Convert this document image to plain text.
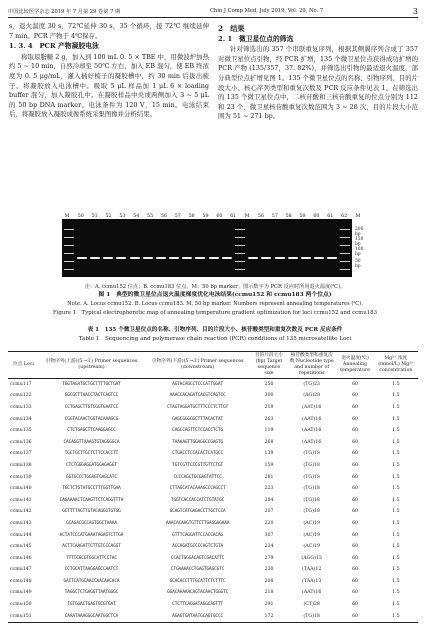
中国比较医学杂志 2019 年 7 月第 29 卷第 7 期	Chin J Comp Med, July 2019, Vol. 29, No. 7	3

s，退火温度 30 s，72℃延伸 30 s，35 个循环，接 72℃ 继续延伸 7 min。PCR 产物于 4℃保存。

1. 3. 4　PCR 产物凝胶电泳

称取琼脂糖 2 g，加入到 100 mL 0. 5 × TBE 中，用微波炉加热约 5 ~ 10 min，自然冷却至 50℃ 左右，加入 EB 混匀，使 EB 终浓度为 0. 5 μg/mL，灌入插好梳子的凝胶槽中，约 30 min 后拔出梳子。将凝胶放入电泳槽中。吸取 5 μL 样品加 1 μL 6 × loading buffer 混匀，加入凝胶孔中。在凝胶样品中央或两侧加入 3 ~ 5 μL 的 50 bp DNA marker。电泳条件为 120 V，15 min。电泳结束后，将凝胶放入凝胶成像系统采集图像并分析结果。

2　结果
2. 1　微卫星位点的筛选

针对筛选出的 357 个串联重复序列，根据其侧翼序列合成了 357 对微卫星位点引物，经 PCR 扩增，135 个微卫星位点获得成功扩增的 PCR 产物 (135/357，37. 82%)，并筛选出引物的最适退火温度，部分典型位点扩增见图 1。135 个微卫星位点的名称、引物序列、目的片段大小、核心序列类型和重复次数及 PCR 反应条件见表 1。在筛选出的 135 个微卫星位点中，二核苷酸和三核苷酸重复的位点分别为 112 和 23 个，微卫星核苷酸重复次数范围为 3 ~ 28 次，目的片段大小范围为 51 ~ 271 bp。

M	50	51	52	53	54	55	56	57	58	59	60	61	M	56	57	58	59	60	61	62	M
200 bp
150 bp
100 bp
50 bp
注：A. ccmu152 位点；B. ccmu183 位点。M：50 bp marker；图示数字为 PCR 反应时所用退火温度(℃)。
图 1　典型的微卫星位点退火温度梯度优化电泳结果(ccmu152 和 ccmu183 两个位点)
Note. A. Locus ccmu152. B. Locus ccmu183. M, 50 bp marker. Numbers represent annealing temperatures (℃).
Figure 1　Typical electrophoretic map of annealing temperature gradient optimization for loci ccmu152 and ccmu183
表 1　135 个微卫星位点的名称、引物序列、目的片段大小、核苷酸类型和重复次数及 PCR 反应条件
Table 1　Sequencing and polymerase chain reaction (PCR) conditions of 135 microsatellite Loci
位点 Loci	引物序列(上游)(5′→3′) Primer sequences (upstream)	引物序列(下游)(5′→3′) Primer sequences (downstream)	目的片段大小(bp) Target sequence size	核苷酸类型和重复次数 Nucleotide type and number of repetitions	退火温度(℃) Annealing temperature	Mg²⁺ 浓度 (mmol/L) Mg²⁺ concentration
ccmu117	TGGTAGATGCTGCTTTTGCTGAT	AGTACAGCCTCCCATTGGAT	250	(TG)23	60	1.5
ccmu122	GGCGCTTAACCTACTCAGTCC	AAACCACAGATCACGTCAGTCC	300	(AG)28	60	1.5
ccmu133	CCTGAGCTTGTCGGTGAATCC	CTAGTAGGATGCTTTCCCTCTTGT	219	(AAT)16	60	1.5
ccmu134	CGGTACAACTGGTACAAAGCG	GAGCGGGGGCTTTACACTAT	263	(AAT)16	60	1.5
ccmu135	CTCTGAGCTTCAAGGAGCC	CAGCCAGTTCTCCACCTCTG	119	(AAT)16	60	1.5
ccmu136	CACAGGTTAAAGTGTAGGGGCA	TAAAAGTTGGAGGCCGAGTG	268	(AAT)16	60	1.5
ccmu137	TGCTGCTTGCTCTTCCACCTT	CTGACCTCCACACTCATGCC	139	(TG)18	60	1.5
ccmu138	CTCTGGGAGGATGGAGAGGT	TGTCGTTCCCGTTGTTCTGT	159	(TG)18	60	1.5
ccmu139	GGTGCCCTGGAGTGAGCATC	CCCCAGCTGCGAGTATTCC	281	(TG)18	60	1.5
ccmu140	TGCTCTGTATGCCTTTGGTTGAA	CTTAGCATACAAAGCCCAGCCT	223	(TG)18	60	1.5
ccmu141	CAGAAAACTCAAGTTCTCAGGTTTA	TGGTCACCACCATCTGTATGC	284	(TG)18	60	1.5
ccmu142	GCTTTTAGTTGTACAGGGTGTGG	GCAGTCATGAGACCTTGCTCCA	207	(TG)18	60	1.5
ccmu143	GCAGACGCCAGTGGCTAAAA	AAACACAAGTGTTCTTGAGGAGAAA	220	(AC)19	60	1.5
ccmu144	ACTATCCCATGAAATAGAGTCTTGA	GTTTCAGGATTCCACCACAG	307	(AC)19	60	1.5
ccmu145	ACTTCAAGATTCTTGTCCCAGGT	ACCAGATGCCCCAGTCTGTA	224	(AC)19	60	1.5
ccmu146	TTTTCGCGTGGCATTCCTAC	CCACTGGGACAGTCGACATTC	279	(AGG)13	60	1.5
ccmu147	CCTGCATTAAGGAGCCAATCT	CTGAAAACCTGAGTGAGCGTC	230	(TAA)12	60	1.5
ccmu148	GACTCATGCAACCAACAACACA	GCACACCTTTGCATTCTCTTTC	208	(TAA)13	60	1.5
ccmu149	TAGGCTCTGAGGTTAATGGGC	GGACAAAAACAGTACAACTGGGTC	218	(AAT)16	60	1.5
ccmu150	TGTGGACTGAGTGCGTGAT	CTCTTCAGGATAGGCAGTTT	291	(CT)28	60	1.5
ccmu151	CAAATAAAGGGCAATGGCTCA	AGAGTGATAATGCAGTGCCC	172	(TG)18	60	1.5
